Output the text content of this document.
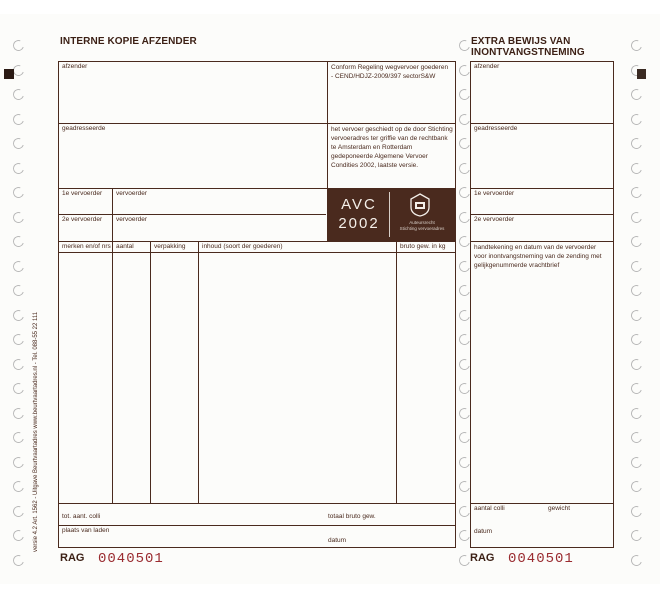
INTERNE KOPIE AFZENDER

afzender	Conform Regeling wegvervoer goederen - CEND/HDJZ-2009/397 sectorS&W
geadresseerde	het vervoer geschiedt op de door Stichting vervoeradres ter griffie van de rechtbank te Amsterdam en Rotterdam gedeponeerde Algemene Vervoer Condities 2002, laatste versie.
1e vervoerder vervoerder
2e vervoerder vervoerder
AVC
2002	Auteursrecht
Stichting vervoeradres
merken en/of nrs aantal	verpakking	inhoud (soort der goederen)	bruto gew. in kg
tot. aant. colli	totaal bruto gew.
plaats van laden
datum
RAG 0040501
EXTRA BEWIJS VAN INONTVANGSTNEMING
afzender
geadresseerde
1e vervoerder
2e vervoerder
handtekening en datum van de vervoerder voor inontvangstneming van de zending met gelijkgenummerde vrachtbrief
aantal colli	gewicht
datum
RAG 0040501
versie 4.2 Art. 1562 - Uitgave Beurtvaartadres www.beurtvaartadres.nl - Tel. 088-55 22 111
